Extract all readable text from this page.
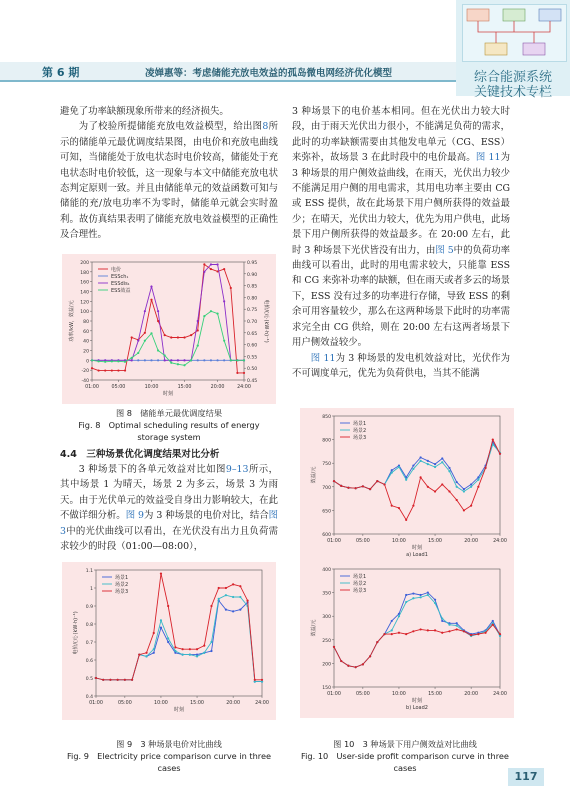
第 6 期	凌婵惠等：考虑储能充放电效益的孤岛微电网经济优化模型	综合能源系统
关键技术专栏

避免了功率缺额现象所带来的经济损失。

为了校验所提储能充放电效益模型，给出图8所示的储能单元最优调度结果图，由电价和充放电曲线可知，当储能处于放电状态时电价较高，储能处于充电状态时电价较低，这一现象与本文中储能充放电状态判定原则一致。并且由储能单元的效益函数可知与储能的充/放电功率不为零时，储能单元就会实时盈利。故仿真结果表明了储能充放电效益模型的正确性及合理性。

-40
-20
0
20
40
60
80
100
120
140
160
180
200
0.45
0.50
0.55
0.60
0.65
0.70
0.75
0.80
0.85
0.90
0.95
01:00	05:00	10:00	15:00	20:00	24:00
电价
ESSch₁
ESSdis₁
ESS效益
功率/kW，效益/元	电价/(元·(kW·h)⁻¹)
时刻
图 8　储能单元最优调度结果
Fig. 8　Optimal scheduling results of energy
storage system
4.4　三种场景优化调度结果对比分析

3 种场景下的各单元效益对比如图9–13所示，其中场景 1 为晴天，场景 2 为多云，场景 3 为雨天。由于光伏单元的效益受自身出力影响较大，在此不做详细分析。图 9为 3 种场景的电价对比，结合图 3中的光伏曲线可以看出，在光伏没有出力且负荷需求较少的时段（01:00—08:00），

0.4
0.5
0.6
0.7
0.8
0.9
1
1.1
01:00	05:00	10:00	15:00	20:00	24:00
场景1
场景2
场景3
电价/(元·(kW·h)⁻¹)
时刻
图 9　3 种场景电价对比曲线
Fig. 9　Electricity price comparison curve in three cases

3 种场景下的电价基本相同。但在光伏出力较大时段，由于雨天光伏出力很小，不能满足负荷的需求，此时的功率缺额需要由其他发电单元（CG、ESS）来弥补，故场景 3 在此时段中的电价最高。图 11为 3 种场景的用户侧效益曲线，在雨天，光伏出力较少不能满足用户侧的用电需求，其用电功率主要由 CG 或 ESS 提供，故在此场景下用户侧所获得的效益最少；在晴天，光伏出力较大，优先为用户供电，此场景下用户侧所获得的效益最多。在 20:00 左右，此时 3 种场景下光伏皆没有出力，由图 5中的负荷功率曲线可以看出，此时的用电需求较大，只能靠 ESS 和 CG 来弥补功率的缺额，但在雨天或者多云的场景下，ESS 没有过多的功率进行存储，导致 ESS 的剩余可用容量较少，那么在这两种场景下此时的功率需求完全由 CG 供给，则在 20:00 左右这两者场景下用户侧效益较少。

图 11为 3 种场景的发电机效益对比，光伏作为不可调度单元，优先为负荷供电，当其不能满

600
650
700
750
800
850
01:00	05:00	10:00	15:00	20:00	24:00
场景1
场景2
场景3
效益/元
时刻
a) Load1
150
200
250
300
350
400
01:00	05:00	10:00	15:00	20:00	24:00
场景1
场景2
场景3
效益/元
时刻
b) Load2
图 10　3 种场景下用户侧效益对比曲线
Fig. 10　User-side profit comparison curve in three cases
117
